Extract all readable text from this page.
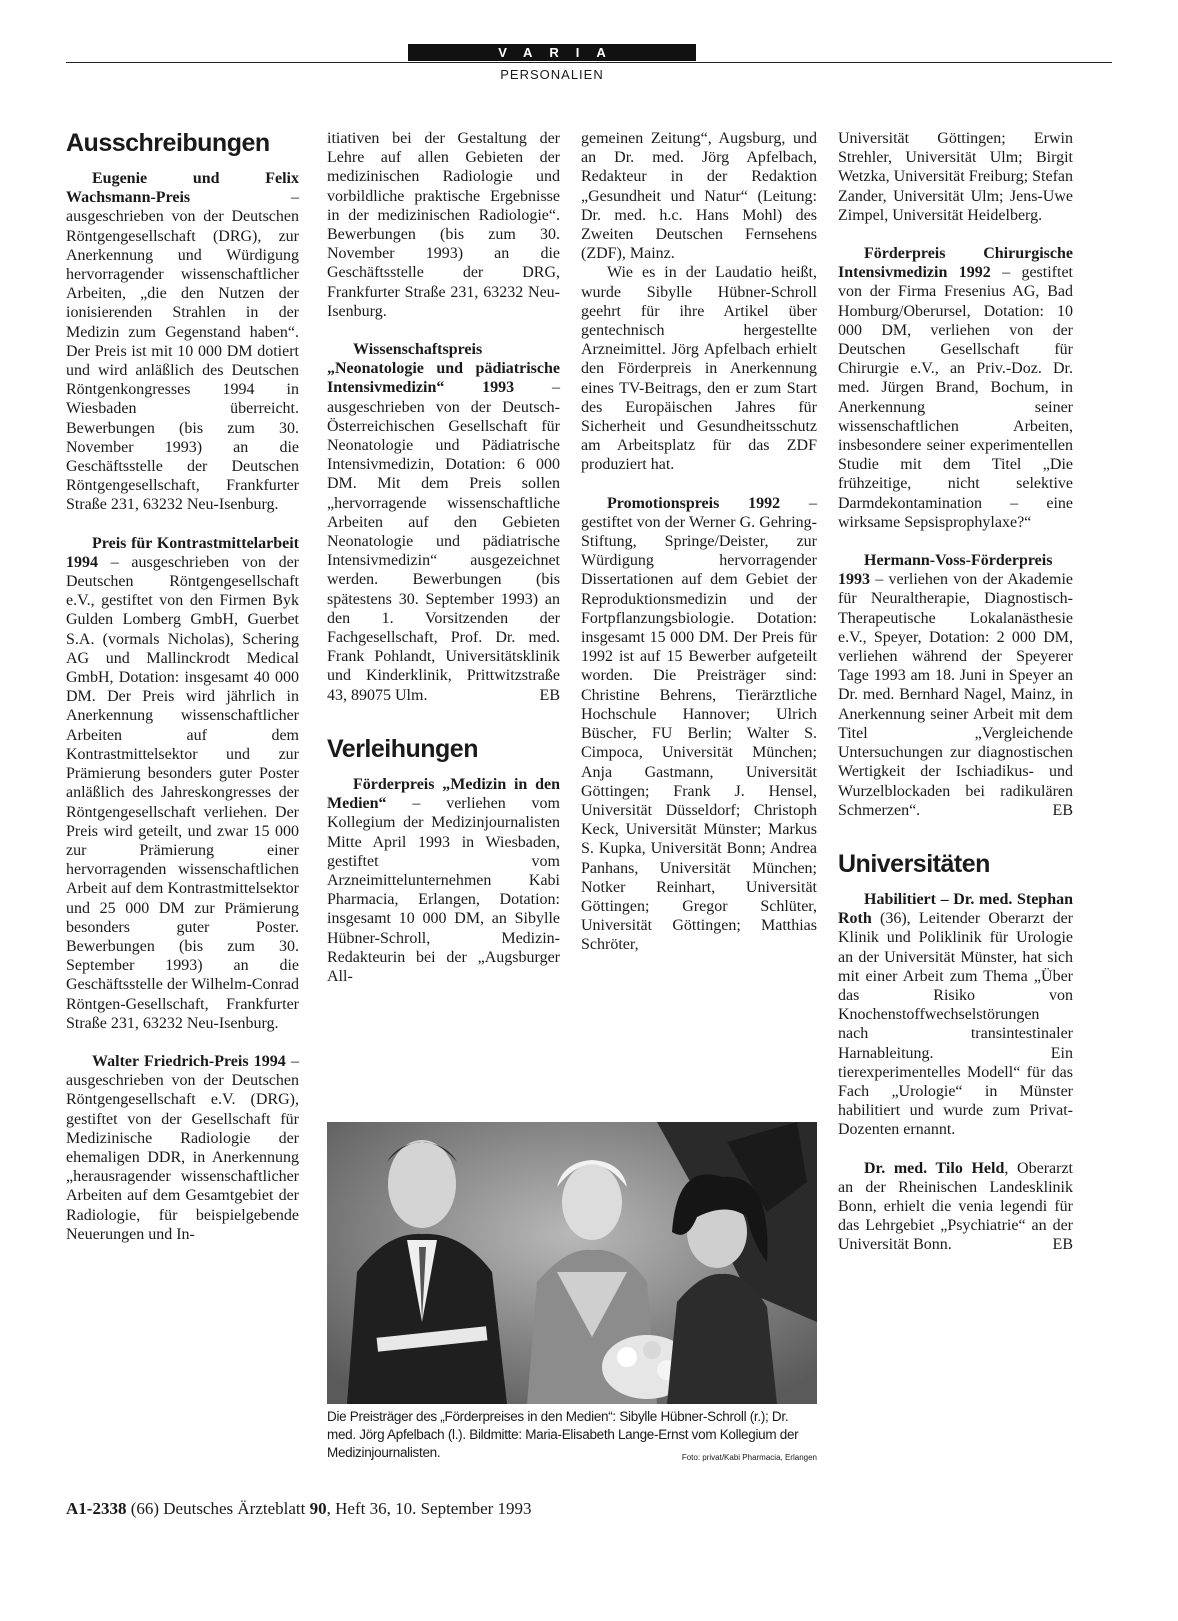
VARIA
PERSONALIEN
Ausschreibungen

Eugenie und Felix Wachsmann-Preis – ausgeschrieben von der Deutschen Röntgengesellschaft (DRG), zur Anerkennung und Würdigung hervorragender wissenschaftlicher Arbeiten, „die den Nutzen der ionisierenden Strahlen in der Medizin zum Gegenstand haben“. Der Preis ist mit 10 000 DM dotiert und wird anläßlich des Deutschen Röntgenkongresses 1994 in Wiesbaden überreicht. Bewerbungen (bis zum 30. November 1993) an die Geschäftsstelle der Deutschen Röntgengesellschaft, Frankfurter Straße 231, 63232 Neu-Isenburg.

Preis für Kontrastmittelarbeit 1994 – ausgeschrieben von der Deutschen Röntgengesellschaft e.V., gestiftet von den Firmen Byk Gulden Lomberg GmbH, Guerbet S.A. (vormals Nicholas), Schering AG und Mallinckrodt Medical GmbH, Dotation: insgesamt 40 000 DM. Der Preis wird jährlich in Anerkennung wissenschaftlicher Arbeiten auf dem Kontrastmittelsektor und zur Prämierung besonders guter Poster anläßlich des Jahreskongresses der Röntgengesellschaft verliehen. Der Preis wird geteilt, und zwar 15 000 zur Prämierung einer hervorragenden wissenschaftlichen Arbeit auf dem Kontrastmittelsektor und 25 000 DM zur Prämierung besonders guter Poster. Bewerbungen (bis zum 30. September 1993) an die Geschäftsstelle der Wilhelm-Conrad Röntgen-Gesellschaft, Frankfurter Straße 231, 63232 Neu-Isenburg.

Walter Friedrich-Preis 1994 – ausgeschrieben von der Deutschen Röntgengesellschaft e.V. (DRG), gestiftet von der Gesellschaft für Medizinische Radiologie der ehemaligen DDR, in Anerkennung „herausragender wissenschaftlicher Arbeiten auf dem Gesamtgebiet der Radiologie, für beispielgebende Neuerungen und In-

itiativen bei der Gestaltung der Lehre auf allen Gebieten der medizinischen Radiologie und vorbildliche praktische Ergebnisse in der medizinischen Radiologie“. Bewerbungen (bis zum 30. November 1993) an die Geschäftsstelle der DRG, Frankfurter Straße 231, 63232 Neu-Isenburg.

Wissenschaftspreis „Neonatologie und pädiatrische Intensivmedizin“ 1993 – ausgeschrieben von der Deutsch-Österreichischen Gesellschaft für Neonatologie und Pädiatrische Intensivmedizin, Dotation: 6 000 DM. Mit dem Preis sollen „hervorragende wissenschaftliche Arbeiten auf den Gebieten Neonatologie und pädiatrische Intensivmedizin“ ausgezeichnet werden. Bewerbungen (bis spätestens 30. September 1993) an den 1. Vorsitzenden der Fachgesellschaft, Prof. Dr. med. Frank Pohlandt, Universitätsklinik und Kinderklinik, Prittwitzstraße 43, 89075 Ulm.	EB

Verleihungen

Förderpreis „Medizin in den Medien“ – verliehen vom Kollegium der Medizinjournalisten Mitte April 1993 in Wiesbaden, gestiftet vom Arzneimittelunternehmen Kabi Pharmacia, Erlangen, Dotation: insgesamt 10 000 DM, an Sibylle Hübner-Schroll, Medizin-Redakteurin bei der „Augsburger All-

gemeinen Zeitung“, Augsburg, und an Dr. med. Jörg Apfelbach, Redakteur in der Redaktion „Gesundheit und Natur“ (Leitung: Dr. med. h.c. Hans Mohl) des Zweiten Deutschen Fernsehens (ZDF), Mainz.

Wie es in der Laudatio heißt, wurde Sibylle Hübner-Schroll geehrt für ihre Artikel über gentechnisch hergestellte Arzneimittel. Jörg Apfelbach erhielt den Förderpreis in Anerkennung eines TV-Beitrags, den er zum Start des Europäischen Jahres für Sicherheit und Gesundheitsschutz am Arbeitsplatz für das ZDF produziert hat.

Promotionspreis 1992 – gestiftet von der Werner G. Gehring-Stiftung, Springe/Deister, zur Würdigung hervorragender Dissertationen auf dem Gebiet der Reproduktionsmedizin und der Fortpflanzungsbiologie. Dotation: insgesamt 15 000 DM. Der Preis für 1992 ist auf 15 Bewerber aufgeteilt worden. Die Preisträger sind: Christine Behrens, Tierärztliche Hochschule Hannover; Ulrich Büscher, FU Berlin; Walter S. Cimpoca, Universität München; Anja Gastmann, Universität Göttingen; Frank J. Hensel, Universität Düsseldorf; Christoph Keck, Universität Münster; Markus S. Kupka, Universität Bonn; Andrea Panhans, Universität München; Notker Reinhart, Universität Göttingen; Gregor Schlüter, Universität Göttingen; Matthias Schröter,

Universität Göttingen; Erwin Strehler, Universität Ulm; Birgit Wetzka, Universität Freiburg; Stefan Zander, Universität Ulm; Jens-Uwe Zimpel, Universität Heidelberg.

Förderpreis Chirurgische Intensivmedizin 1992 – gestiftet von der Firma Fresenius AG, Bad Homburg/Oberursel, Dotation: 10 000 DM, verliehen von der Deutschen Gesellschaft für Chirurgie e.V., an Priv.-Doz. Dr. med. Jürgen Brand, Bochum, in Anerkennung seiner wissenschaftlichen Arbeiten, insbesondere seiner experimentellen Studie mit dem Titel „Die frühzeitige, nicht selektive Darmdekontamination – eine wirksame Sepsisprophylaxe?“

Hermann-Voss-Förderpreis 1993 – verliehen von der Akademie für Neuraltherapie, Diagnostisch-Therapeutische Lokalanästhesie e.V., Speyer, Dotation: 2 000 DM, verliehen während der Speyerer Tage 1993 am 18. Juni in Speyer an Dr. med. Bernhard Nagel, Mainz, in Anerkennung seiner Arbeit mit dem Titel „Vergleichende Untersuchungen zur diagnostischen Wertigkeit der Ischiadikus- und Wurzelblockaden bei radikulären Schmerzen“.	EB

Universitäten

Habilitiert – Dr. med. Stephan Roth (36), Leitender Oberarzt der Klinik und Poliklinik für Urologie an der Universität Münster, hat sich mit einer Arbeit zum Thema „Über das Risiko von Knochenstoffwechselstörungen nach transintestinaler Harnableitung. Ein tierexperimentelles Modell“ für das Fach „Urologie“ in Münster habilitiert und wurde zum Privat-Dozenten ernannt.

Dr. med. Tilo Held, Oberarzt an der Rheinischen Landesklinik Bonn, erhielt die venia legendi für das Lehrgebiet „Psychiatrie“ an der Universität Bonn.	EB

Die Preisträger des „Förderpreises in den Medien“: Sibylle Hübner-Schroll (r.); Dr. med. Jörg Apfelbach (l.). Bildmitte: Maria-Elisabeth Lange-Ernst vom Kollegium der Medizinjournalisten.	Foto: privat/Kabi Pharmacia, Erlangen
A1-2338 (66) Deutsches Ärzteblatt 90, Heft 36, 10. September 1993
